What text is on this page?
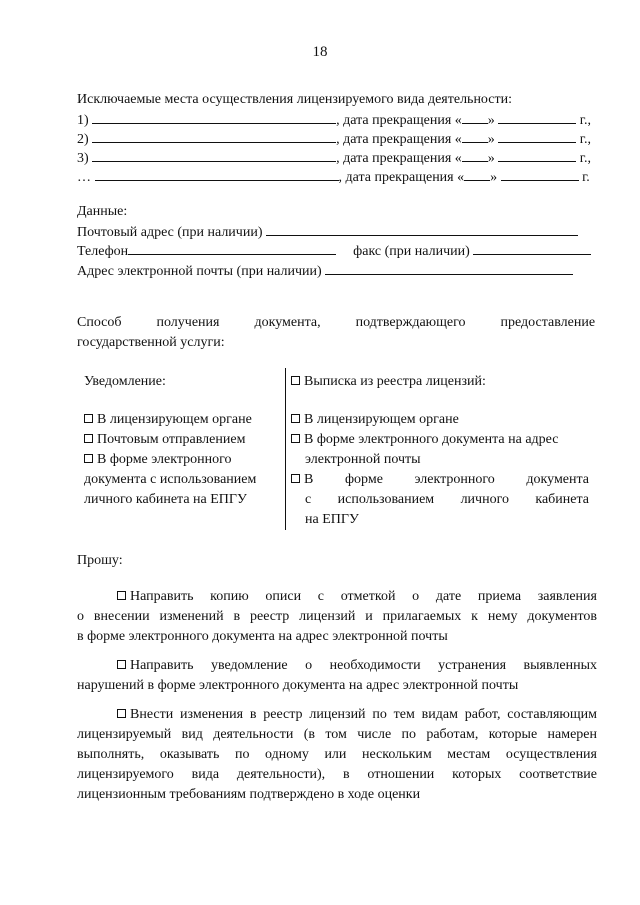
18
Исключаемые места осуществления лицензируемого вида деятельности:
1)	, дата прекращения « »	г.,
2)	, дата прекращения « »	г.,
3)	, дата прекращения « »	г.,
…	, дата прекращения « »	г.
Данные:
Почтовый адрес (при наличии)
Телефон	факс (при наличии)
Адрес электронной почты (при наличии)
Способ получения документа, подтверждающего предоставление
государственной услуги:
Уведомление:
В лицензирующем органе
Почтовым отправлением
В форме электронного
документа с использованием
личного кабинета на ЕПГУ
Выписка из реестра лицензий:
В лицензирующем органе
В форме электронного документа на адрес
электронной почты
В форме электронного документа
с использованием личного кабинета
на ЕПГУ
Прошу:
Направить копию описи с отметкой о дате приема заявления
о внесении изменений в реестр лицензий и прилагаемых к нему документов
в форме электронного документа на адрес электронной почты
Направить уведомление о необходимости устранения выявленных
нарушений в форме электронного документа на адрес электронной почты
Внести изменения в реестр лицензий по тем видам работ, составляющим
лицензируемый вид деятельности (в том числе по работам, которые намерен
выполнять, оказывать по одному или нескольким местам осуществления
лицензируемого вида деятельности), в отношении которых соответствие
лицензионным требованиям подтверждено в ходе оценки
